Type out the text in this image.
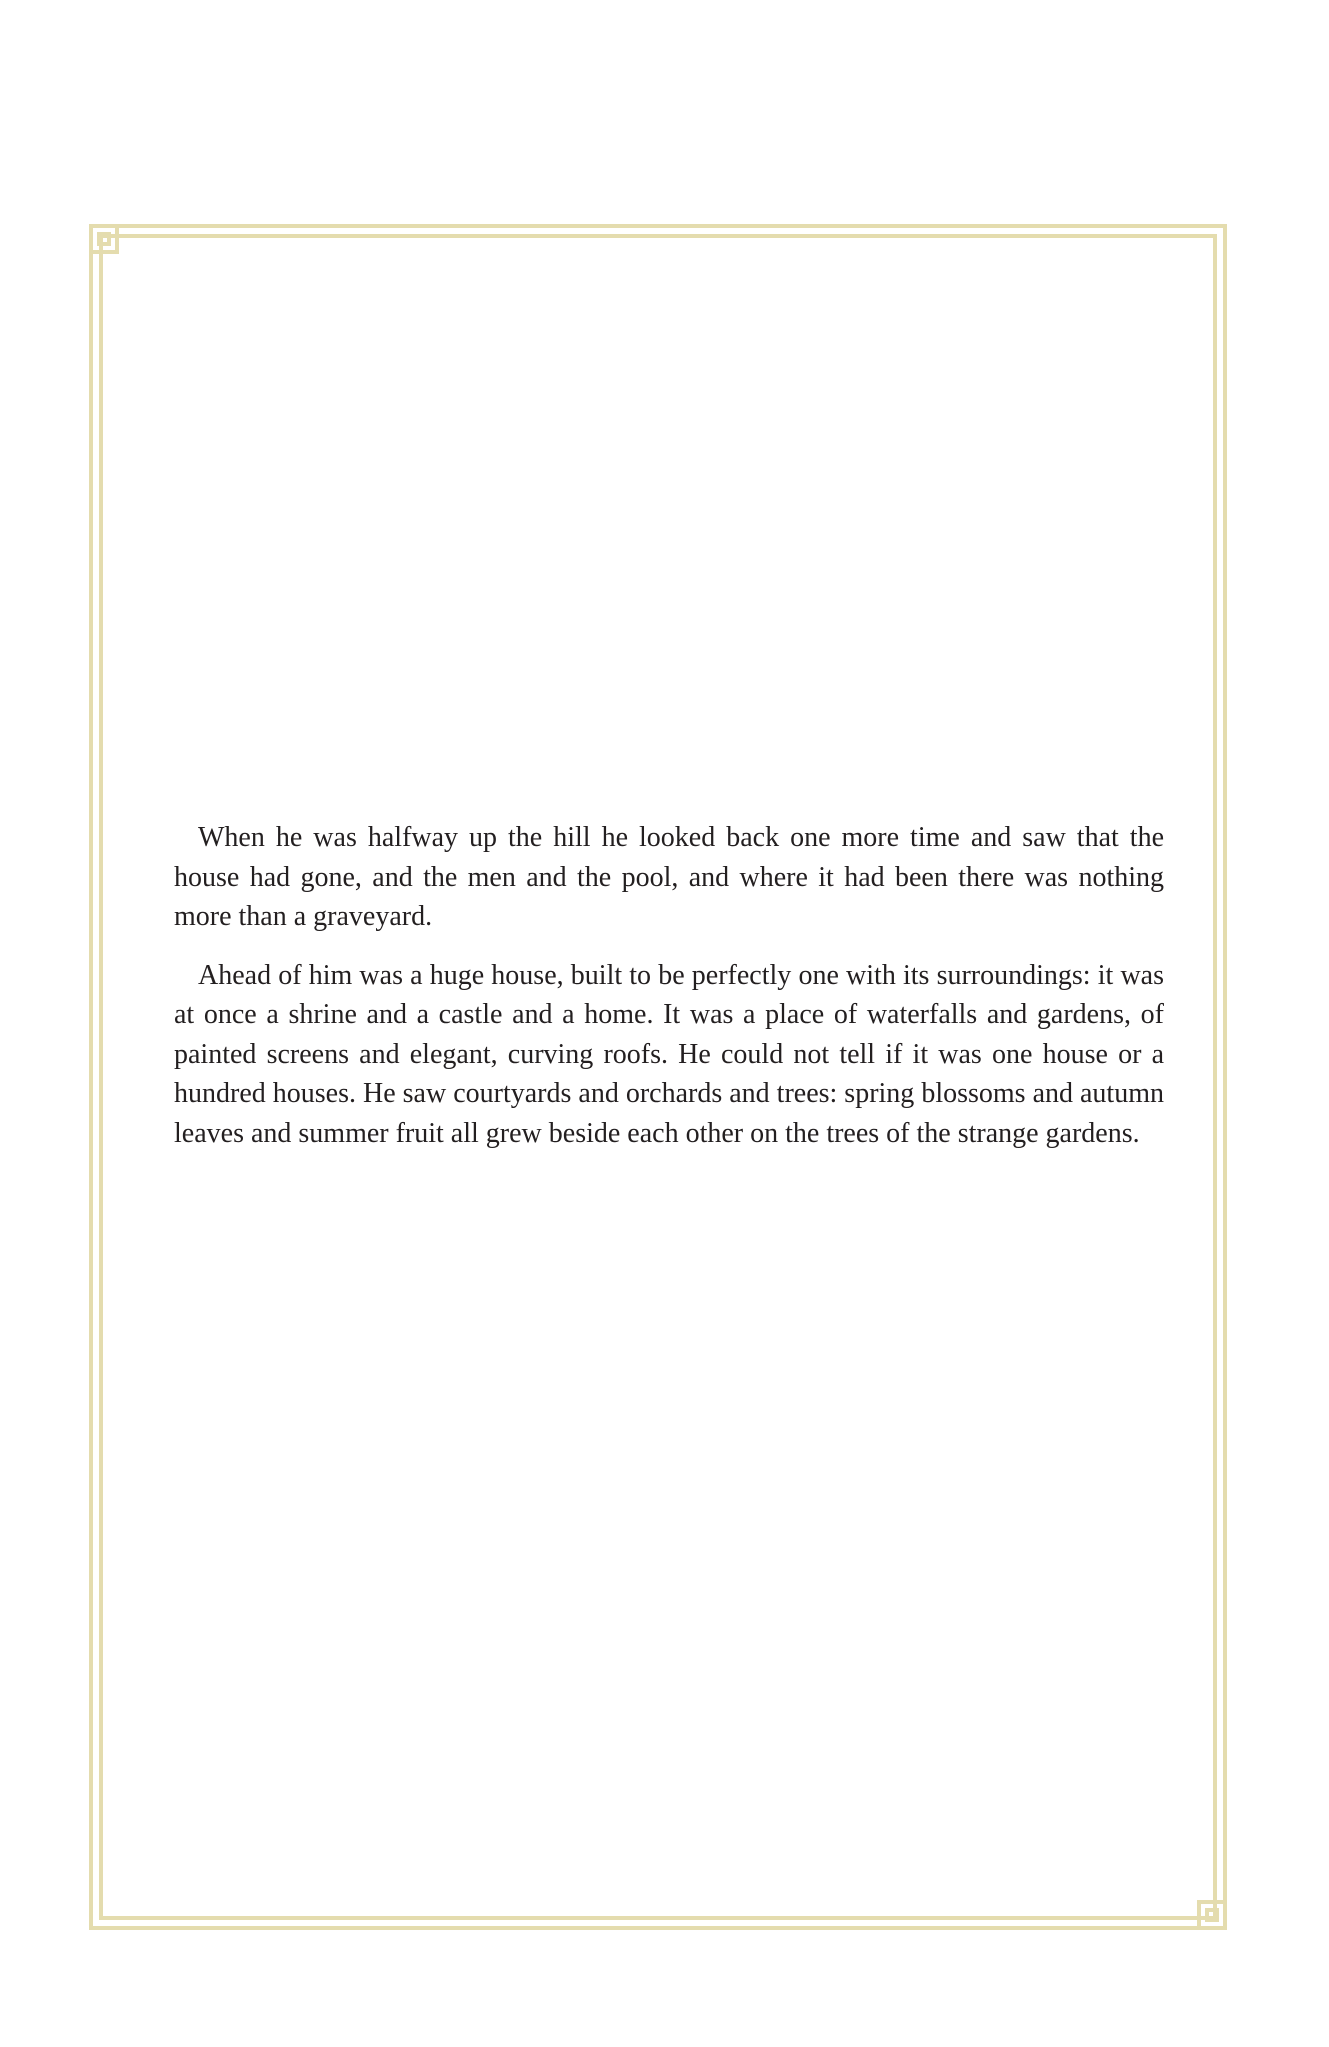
When he was halfway up the hill he looked back one more time and saw that the house had gone, and the men and the pool, and where it had been there was nothing more than a graveyard.

Ahead of him was a huge house, built to be perfectly one with its surroundings: it was at once a shrine and a castle and a home. It was a place of waterfalls and gardens, of painted screens and elegant, curving roofs. He could not tell if it was one house or a hundred houses. He saw courtyards and orchards and trees: spring blossoms and autumn leaves and summer fruit all grew beside each other on the trees of the strange gardens.
